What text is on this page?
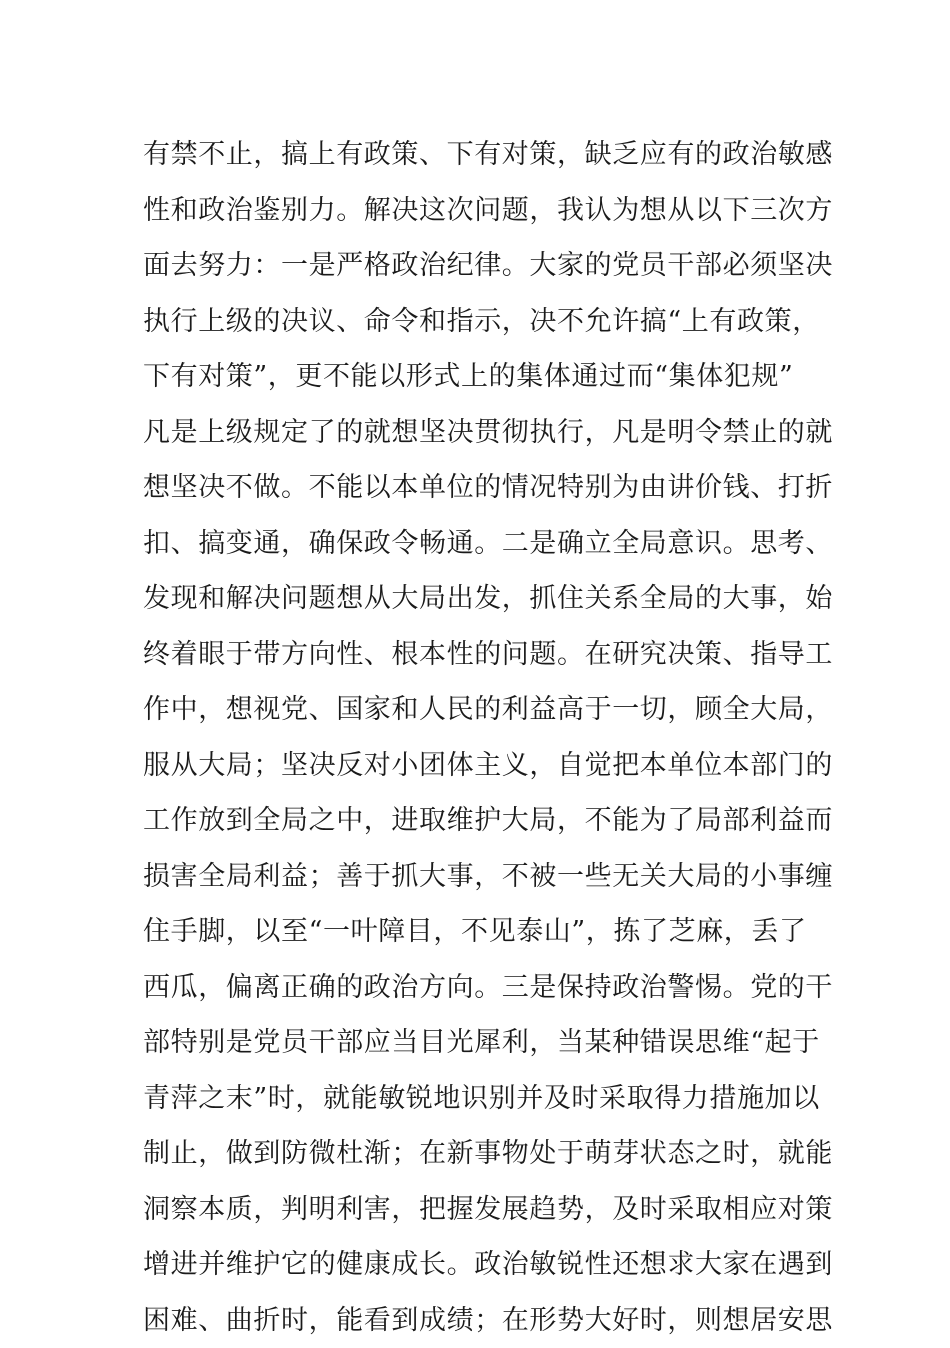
有禁不止，搞上有政策、下有对策，缺乏应有的政治敏感
性和政治鉴别力。解决这次问题，我认为想从以下三次方
面去努力：一是严格政治纪律。大家的党员干部必须坚决
执行上级的决议、命令和指示，决不允许搞“上有政策，
下有对策”，更不能以形式上的集体通过而“集体犯规”
凡是上级规定了的就想坚决贯彻执行，凡是明令禁止的就
想坚决不做。不能以本单位的情况特别为由讲价钱、打折
扣、搞变通，确保政令畅通。二是确立全局意识。思考、
发现和解决问题想从大局出发，抓住关系全局的大事，始
终着眼于带方向性、根本性的问题。在研究决策、指导工
作中，想视党、国家和人民的利益高于一切，顾全大局，
服从大局；坚决反对小团体主义，自觉把本单位本部门的
工作放到全局之中，进取维护大局，不能为了局部利益而
损害全局利益；善于抓大事，不被一些无关大局的小事缠
住手脚，以至“一叶障目，不见泰山”，拣了芝麻，丢了
西瓜，偏离正确的政治方向。三是保持政治警惕。党的干
部特别是党员干部应当目光犀利，当某种错误思维“起于
青萍之末”时，就能敏锐地识别并及时采取得力措施加以
制止，做到防微杜渐；在新事物处于萌芽状态之时，就能
洞察本质，判明利害，把握发展趋势，及时采取相应对策
增进并维护它的健康成长。政治敏锐性还想求大家在遇到
困难、曲折时，能看到成绩；在形势大好时，则想居安思
